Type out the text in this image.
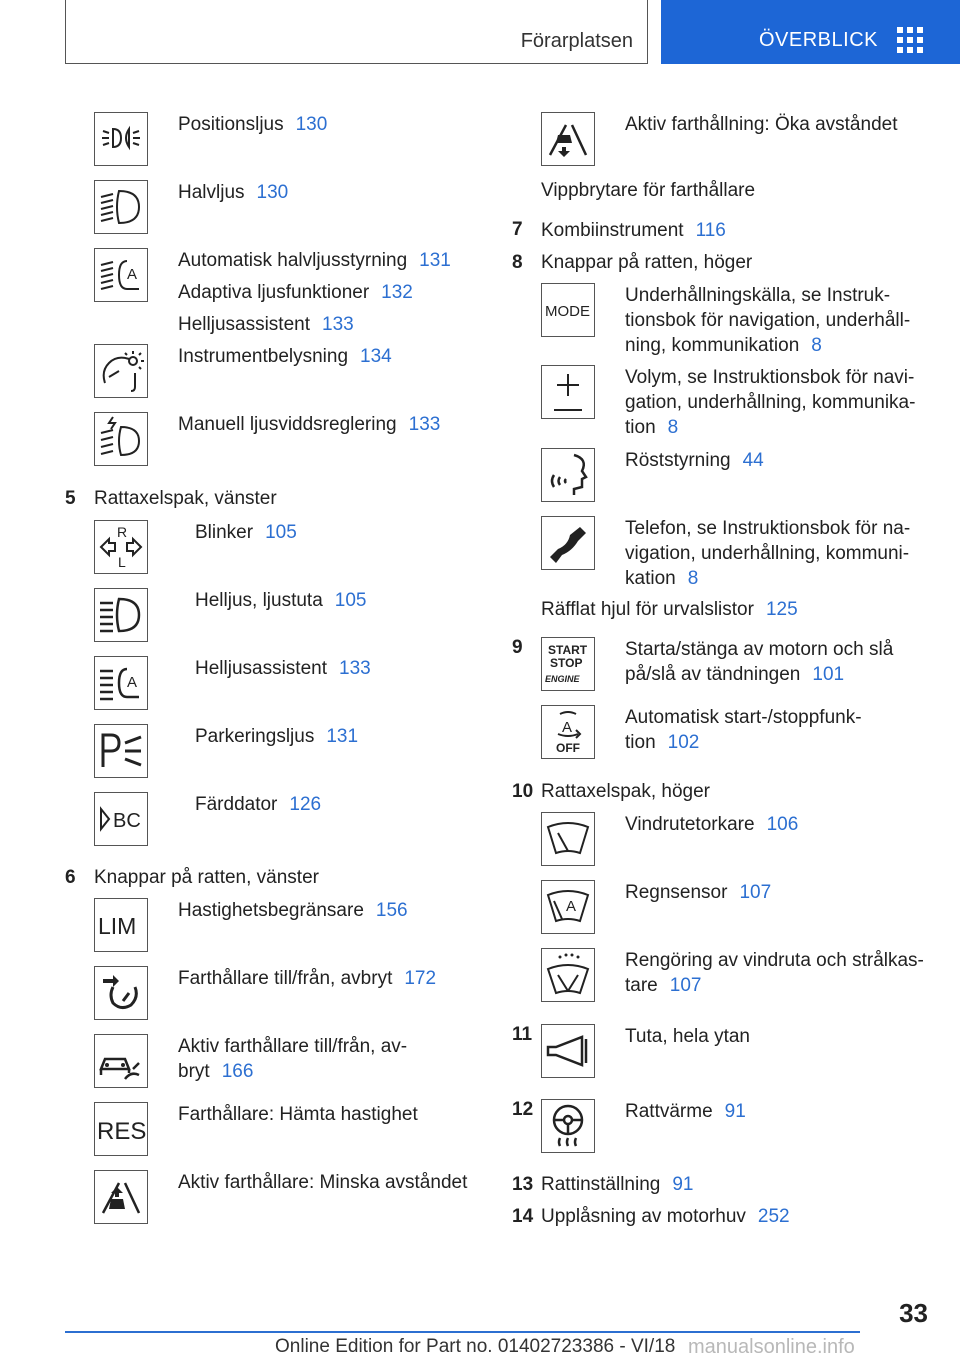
Förarplatsen	ÖVERBLICK
Positionsljus 130
Halvljus 130
A
Automatisk halvljusstyrning 131
Adaptiva ljusfunktioner 132
Helljusassistent 133
Instrumentbelysning 134
Manuell ljusviddsreglering 133
5 Rattaxelspak, vänster
R
L
Blinker 105
Helljus, ljustuta 105
A
Helljusassistent 133
Parkeringsljus 131
BC
Färddator 126
6 Knappar på ratten, vänster
LIM
Hastighetsbegränsare 156
Farthållare till/från, avbryt 172
Aktiv farthållare till/från, av-
bryt 166
RES
Farthållare: Hämta hastighet
Aktiv farthållare: Minska avståndet
Aktiv farthållning: Öka avståndet
Vippbrytare för farthållare
7 Kombiinstrument 116
8 Knappar på ratten, höger
MODE
Underhållningskälla, se Instruk-
tionsbok för navigation, underhåll-
ning, kommunikation 8
Volym, se Instruktionsbok för navi-
gation, underhållning, kommunika-
tion 8
Röststyrning 44
Telefon, se Instruktionsbok för na-
vigation, underhållning, kommuni-
kation 8
Räfflat hjul för urvalslistor 125
9 START
STOP
ENGINE
Starta/stänga av motorn och slå
på/slå av tändningen 101
A
OFF
Automatisk start-/stoppfunk-
tion 102
10 Rattaxelspak, höger
Vindrutetorkare 106
A
Regnsensor 107
Rengöring av vindruta och strålkas-
tare 107
11	Tuta, hela ytan
12	Rattvärme 91
13 Rattinställning 91
14 Upplåsning av motorhuv 252
33
Online Edition for Part no. 01402723386 - VI/18 manualsonline.info
